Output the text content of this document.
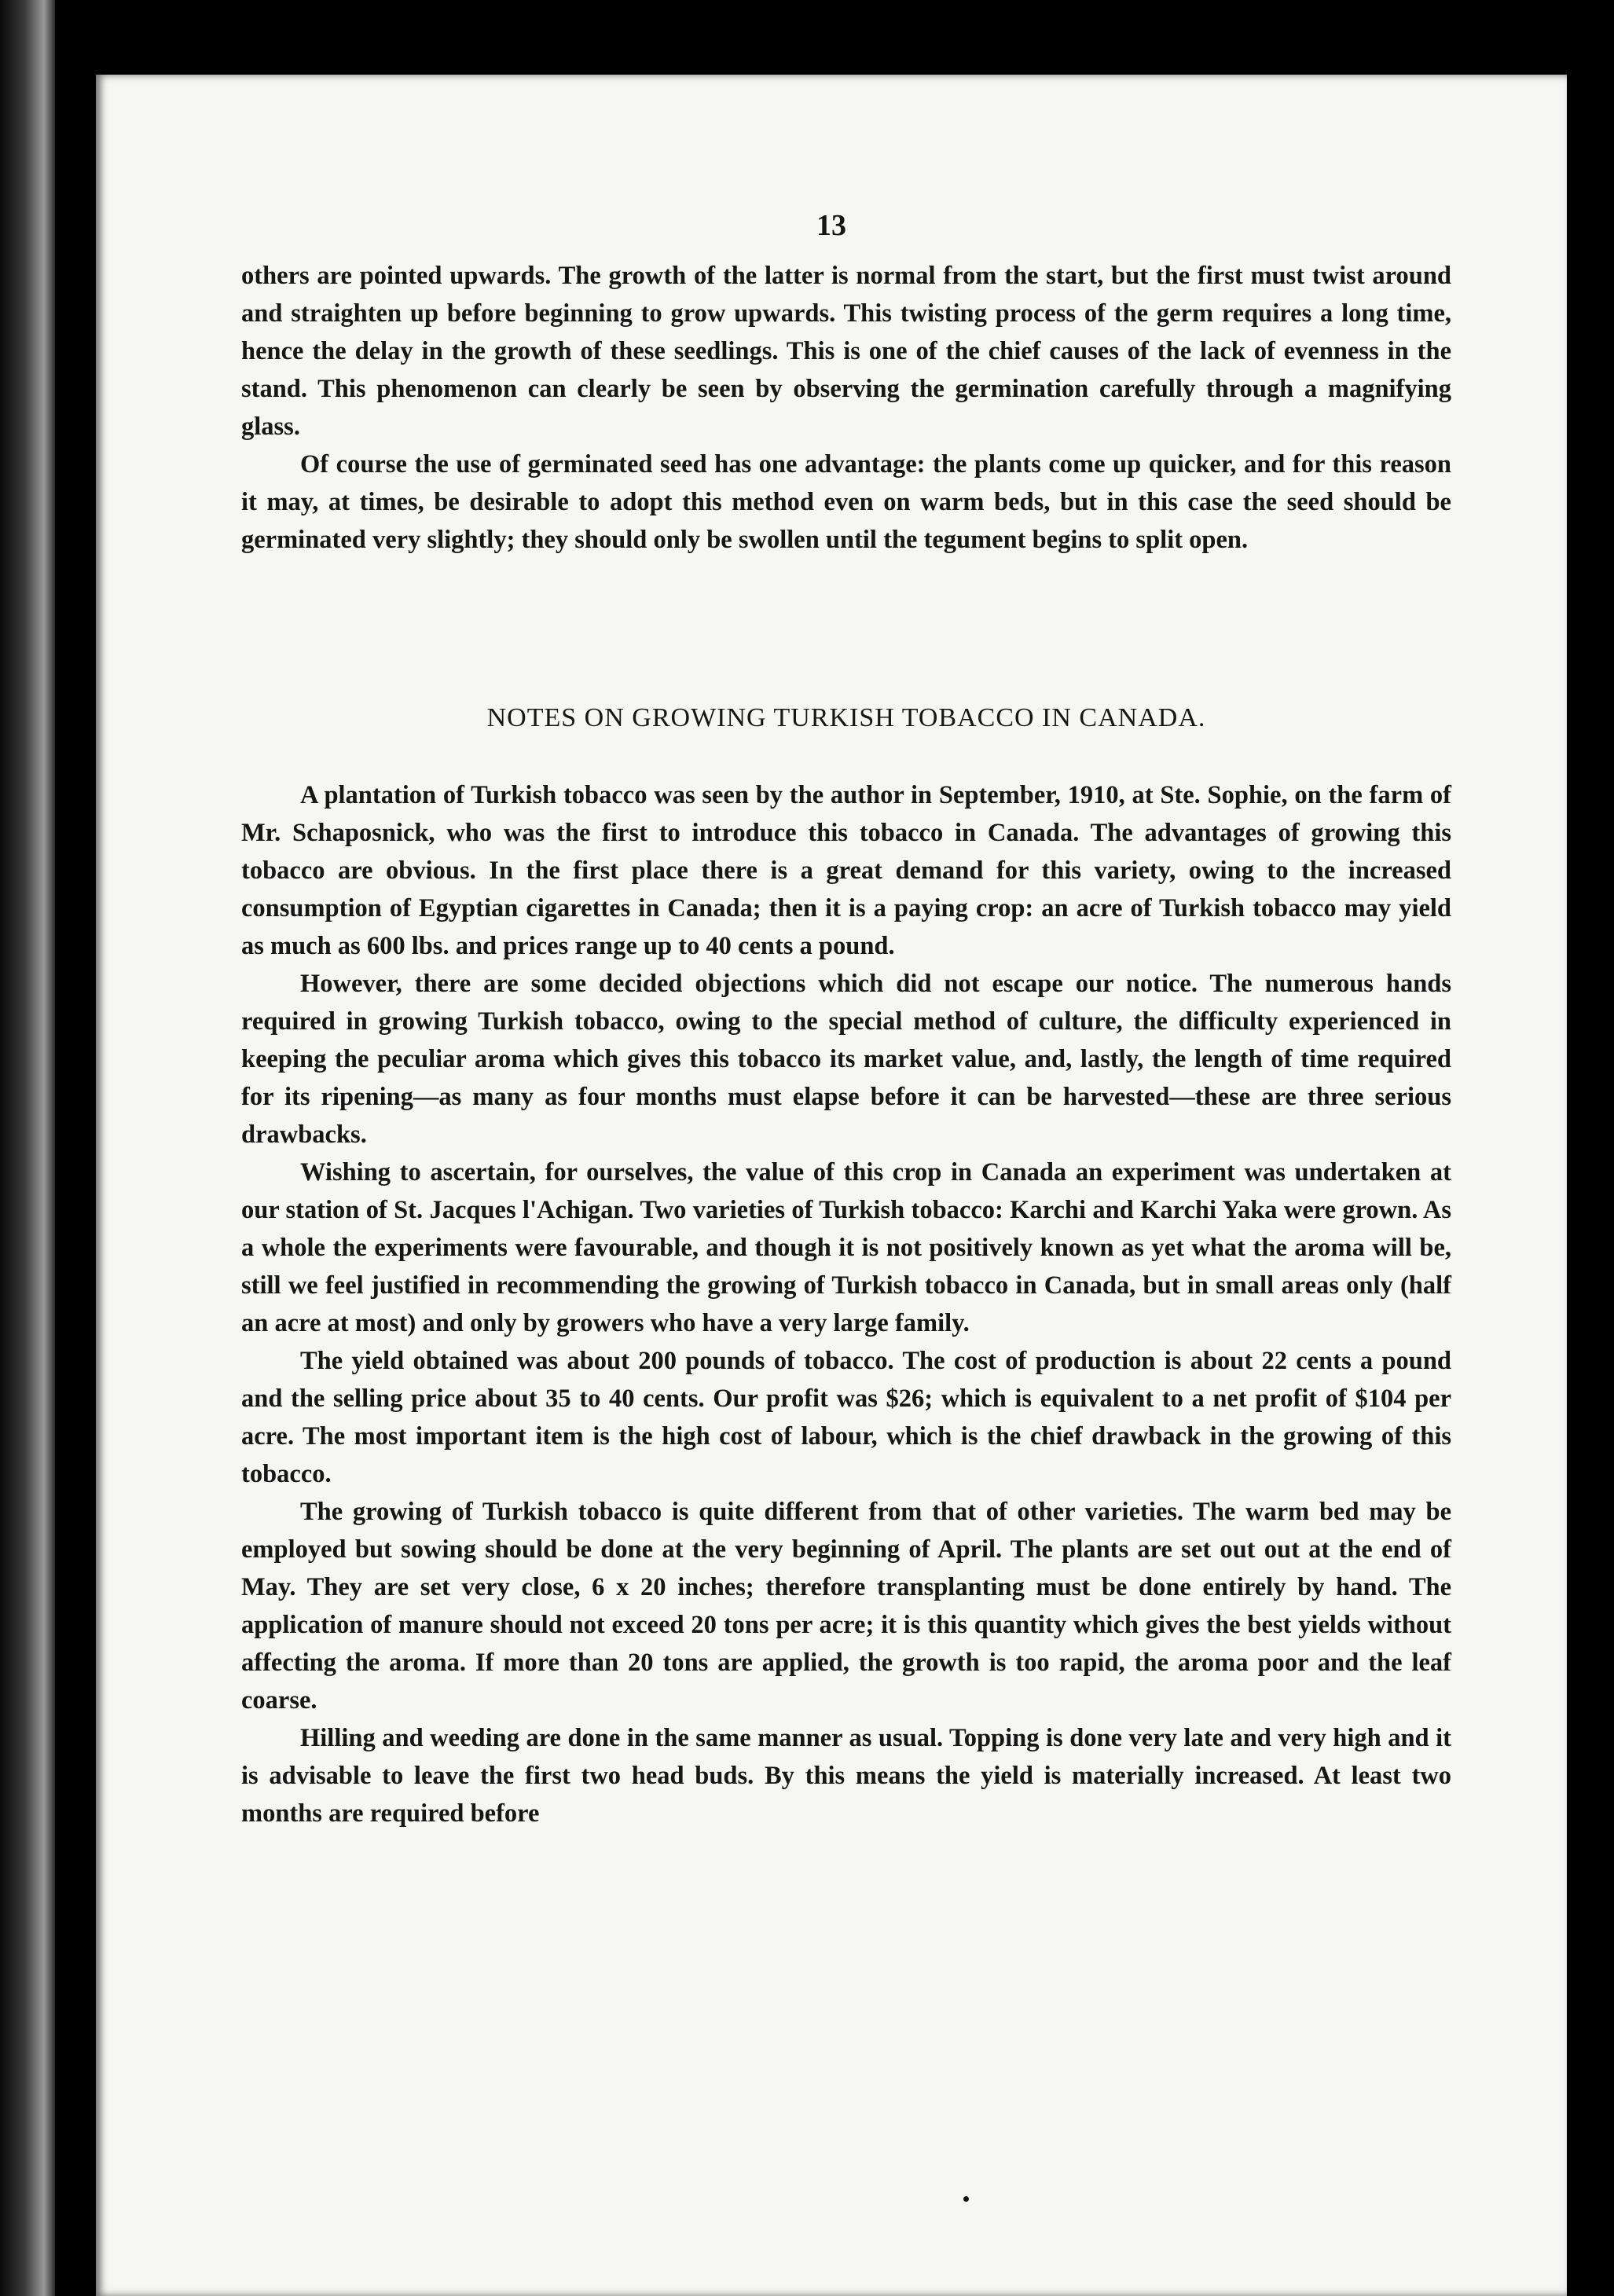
13

others are pointed upwards. The growth of the latter is normal from the start, but the first must twist around and straighten up before beginning to grow upwards. This twisting process of the germ requires a long time, hence the delay in the growth of these seedlings. This is one of the chief causes of the lack of evenness in the stand. This phenomenon can clearly be seen by observing the germination carefully through a magnifying glass.

Of course the use of germinated seed has one advantage: the plants come up quicker, and for this reason it may, at times, be desirable to adopt this method even on warm beds, but in this case the seed should be germinated very slightly; they should only be swollen until the tegument begins to split open.

NOTES ON GROWING TURKISH TOBACCO IN CANADA.

A plantation of Turkish tobacco was seen by the author in September, 1910, at Ste. Sophie, on the farm of Mr. Schaposnick, who was the first to introduce this tobacco in Canada. The advantages of growing this tobacco are obvious. In the first place there is a great demand for this variety, owing to the increased consumption of Egyptian cigarettes in Canada; then it is a paying crop: an acre of Turkish tobacco may yield as much as 600 lbs. and prices range up to 40 cents a pound.

However, there are some decided objections which did not escape our notice. The numerous hands required in growing Turkish tobacco, owing to the special method of culture, the difficulty experienced in keeping the peculiar aroma which gives this tobacco its market value, and, lastly, the length of time required for its ripening—as many as four months must elapse before it can be harvested—these are three serious drawbacks.

Wishing to ascertain, for ourselves, the value of this crop in Canada an experiment was undertaken at our station of St. Jacques l'Achigan. Two varieties of Turkish tobacco: Karchi and Karchi Yaka were grown. As a whole the experiments were favourable, and though it is not positively known as yet what the aroma will be, still we feel justified in recommending the growing of Turkish tobacco in Canada, but in small areas only (half an acre at most) and only by growers who have a very large family.

The yield obtained was about 200 pounds of tobacco. The cost of production is about 22 cents a pound and the selling price about 35 to 40 cents. Our profit was $26; which is equivalent to a net profit of $104 per acre. The most important item is the high cost of labour, which is the chief drawback in the growing of this tobacco.

The growing of Turkish tobacco is quite different from that of other varieties. The warm bed may be employed but sowing should be done at the very beginning of April. The plants are set out out at the end of May. They are set very close, 6 x 20 inches; therefore transplanting must be done entirely by hand. The application of manure should not exceed 20 tons per acre; it is this quantity which gives the best yields without affecting the aroma. If more than 20 tons are applied, the growth is too rapid, the aroma poor and the leaf coarse.

Hilling and weeding are done in the same manner as usual. Topping is done very late and very high and it is advisable to leave the first two head buds. By this means the yield is materially increased. At least two months are required before
